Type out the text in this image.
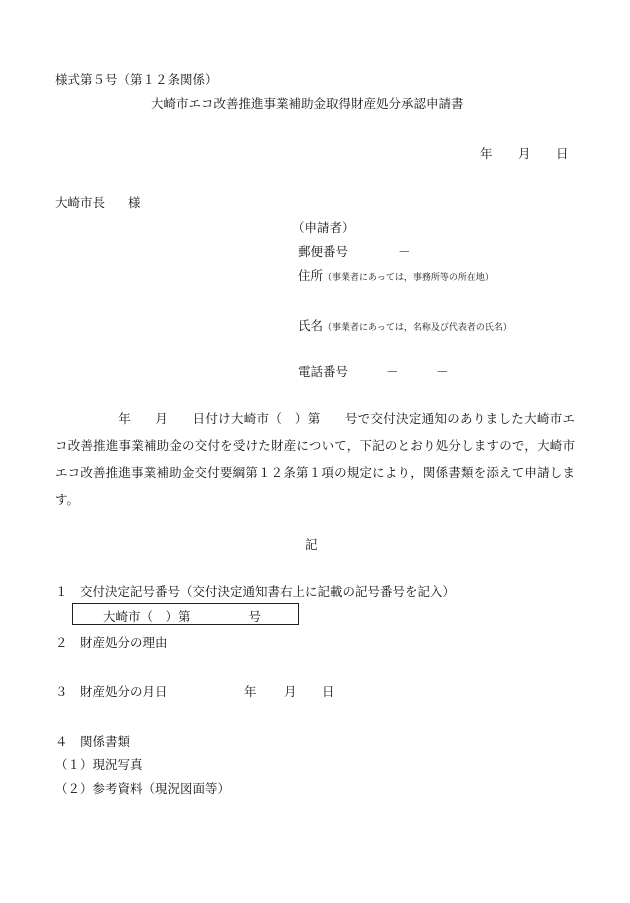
様式第５号（第１２条関係）
大崎市エコ改善推進事業補助金取得財産処分承認申請書
年 月 日
大崎市長 様
（申請者）
郵便番号	－
住所（事業者にあっては，事務所等の所在地）
氏名（事業者にあっては，名称及び代表者の氏名）
電話番号	－	－
年 月 日付け大崎市（　）第 号で交付決定通知のありました大崎市エコ改善推進事業補助金の交付を受けた財産について，下記のとおり処分しますので，大崎市エコ改善推進事業補助金交付要綱第１２条第１項の規定により，関係書類を添えて申請します。
記
１　交付決定記号番号（交付決定通知書右上に記載の記号番号を記入）
大崎市（　）第	号
２　財産処分の理由
３　財産処分の月日	年 月 日
４　関係書類
（１）現況写真
（２）参考資料（現況図面等）
